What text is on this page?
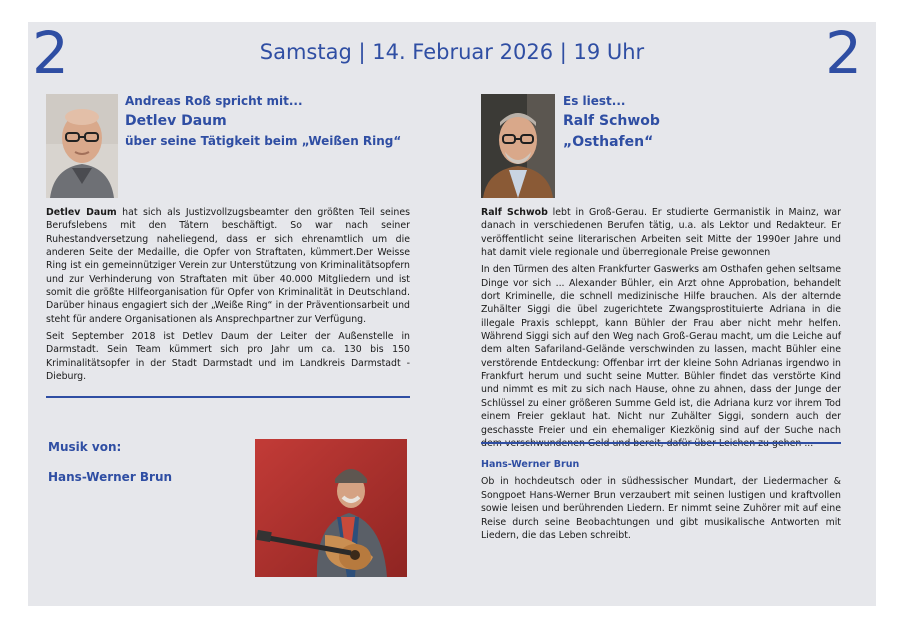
2	2
Samstag | 14. Februar 2026 | 19 Uhr
Andreas Roß spricht mit...
Detlev Daum
über seine Tätigkeit beim „Weißen Ring“

Detlev Daum hat sich als Justizvollzugsbeamter den größten Teil seines Berufslebens mit den Tätern beschäftigt. So war nach seiner Ruhestandversetzung naheliegend, dass er sich ehrenamtlich um die anderen Seite der Medaille, die Opfer von Straftaten, kümmert.Der Weisse Ring ist ein gemeinnütziger Verein zur Unterstützung von Kriminalitätsopfern und zur Verhinderung von Straftaten mit über 40.000 Mitgliedern und ist somit die größte Hilfeorganisation für Opfer von Kriminalität in Deutschland. Darüber hinaus engagiert sich der „Weiße Ring“ in der Präventionsarbeit und steht für andere Organisationen als Ansprechpartner zur Verfügung.

Seit September 2018 ist Detlev Daum der Leiter der Außenstelle in Darmstadt. Sein Team kümmert sich pro Jahr um ca. 130 bis 150 Kriminalitätsopfer in der Stadt Darmstadt und im Landkreis Darmstadt - Dieburg.

Musik von:
Hans-Werner Brun
Es liest...
Ralf Schwob
„Osthafen“

Ralf Schwob lebt in Groß-Gerau. Er studierte Germanistik in Mainz, war danach in verschiedenen Berufen tätig, u.a. als Lektor und Redakteur. Er veröffentlicht seine literarischen Arbeiten seit Mitte der 1990er Jahre und hat damit viele regionale und überregionale Preise gewonnen

In den Türmen des alten Frankfurter Gaswerks am Osthafen gehen seltsame Dinge vor sich ... Alexander Bühler, ein Arzt ohne Approbation, behandelt dort Kriminelle, die schnell medizinische Hilfe brauchen. Als der alternde Zuhälter Siggi die übel zugerichtete Zwangsprostituierte Adriana in die illegale Praxis schleppt, kann Bühler der Frau aber nicht mehr helfen. Während Siggi sich auf den Weg nach Groß-Gerau macht, um die Leiche auf dem alten Safariland-Gelände verschwinden zu lassen, macht Bühler eine verstörende Entdeckung: Offenbar irrt der kleine Sohn Adrianas irgendwo in Frankfurt herum und sucht seine Mutter. Bühler findet das verstörte Kind und nimmt es mit zu sich nach Hause, ohne zu ahnen, dass der Junge der Schlüssel zu einer größeren Summe Geld ist, die Adriana kurz vor ihrem Tod einem Freier geklaut hat. Nicht nur Zuhälter Siggi, sondern auch der geschasste Freier und ein ehemaliger Kiezkönig sind auf der Suche nach

Hans-Werner Brun

Ob in hochdeutsch oder in südhessischer Mundart, der Liedermacher & Songpoet Hans-Werner Brun verzaubert mit seinen lustigen und kraftvollen sowie leisen und berührenden Liedern. Er nimmt seine Zuhörer mit auf eine Reise durch seine Beobachtungen und gibt musikalische Antworten mit Liedern, die das Leben schreibt.
